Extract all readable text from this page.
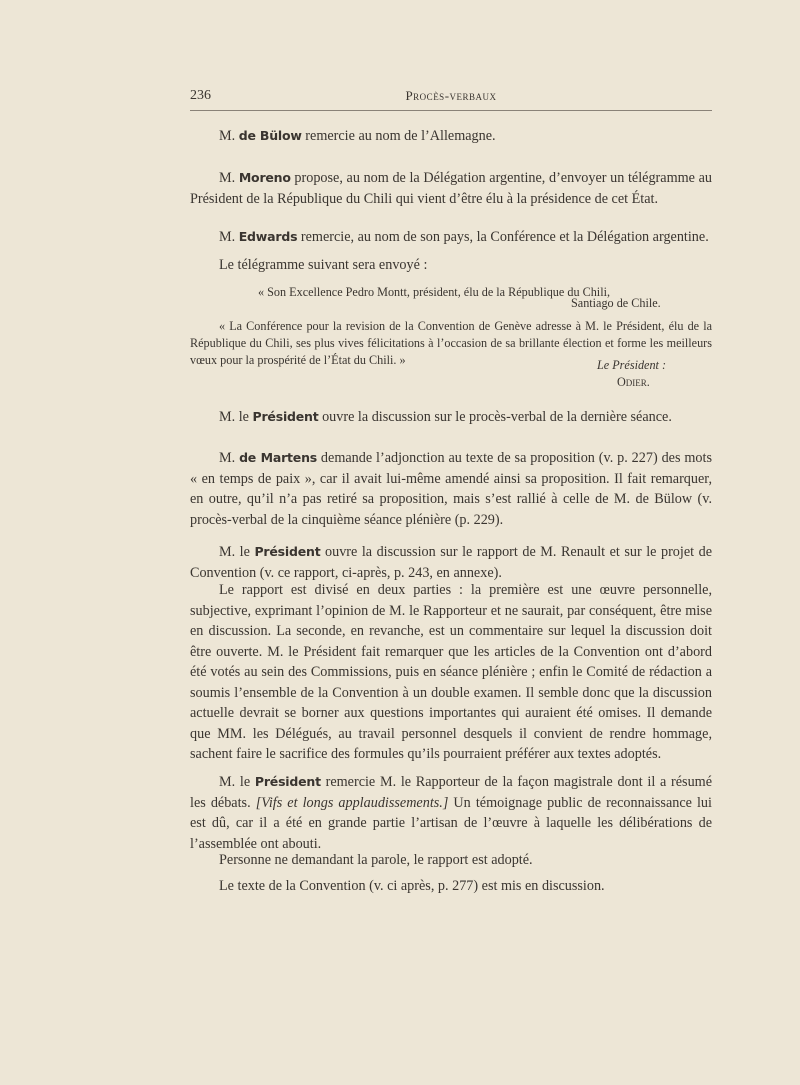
236	Procès-verbaux

M. de Bülow remercie au nom de l’Allemagne.

M. Moreno propose, au nom de la Délégation argentine, d’envoyer un télégramme au Président de la République du Chili qui vient d’être élu à la présidence de cet État.

M. Edwards remercie, au nom de son pays, la Conférence et la Délégation argentine.

Le télégramme suivant sera envoyé :

« Son Excellence Pedro Montt, président, élu de la République du Chili,

Santiago de Chile.

« La Conférence pour la revision de la Convention de Genève adresse à M. le Président, élu de la République du Chili, ses plus vives félicitations à l’occasion de sa brillante élection et forme les meilleurs vœux pour la prospérité de l’État du Chili. »	Le Président :

Odier.

M. le Président ouvre la discussion sur le procès-verbal de la dernière séance.

M. de Martens demande l’adjonction au texte de sa proposition (v. p. 227) des mots « en temps de paix », car il avait lui-même amendé ainsi sa proposition. Il fait remarquer, en outre, qu’il n’a pas retiré sa proposition, mais s’est rallié à celle de M. de Bülow (v. procès-verbal de la cinquième séance plénière (p. 229).

M. le Président ouvre la discussion sur le rapport de M. Renault et sur le projet de Convention (v. ce rapport, ci-après, p. 243, en annexe).

Le rapport est divisé en deux parties : la première est une œuvre personnelle, subjective, exprimant l’opinion de M. le Rapporteur et ne saurait, par conséquent, être mise en discussion. La seconde, en revanche, est un commentaire sur lequel la discussion doit être ouverte. M. le Président fait remarquer que les articles de la Convention ont d’abord été votés au sein des Commissions, puis en séance plénière ; enfin le Comité de rédaction a soumis l’ensemble de la Convention à un double examen. Il semble donc que la discussion actuelle devrait se borner aux questions importantes qui auraient été omises. Il demande que MM. les Délégués, au travail personnel desquels il convient de rendre hommage, sachent faire le sacrifice des formules qu’ils pourraient préférer aux textes adoptés.

M. le Président remercie M. le Rapporteur de la façon magistrale dont il a résumé les débats. [Vifs et longs applaudissements.] Un témoignage public de reconnaissance lui est dû, car il a été en grande partie l’artisan de l’œuvre à laquelle les délibérations de l’assemblée ont abouti.

Personne ne demandant la parole, le rapport est adopté.

Le texte de la Convention (v. ci après, p. 277) est mis en discussion.
